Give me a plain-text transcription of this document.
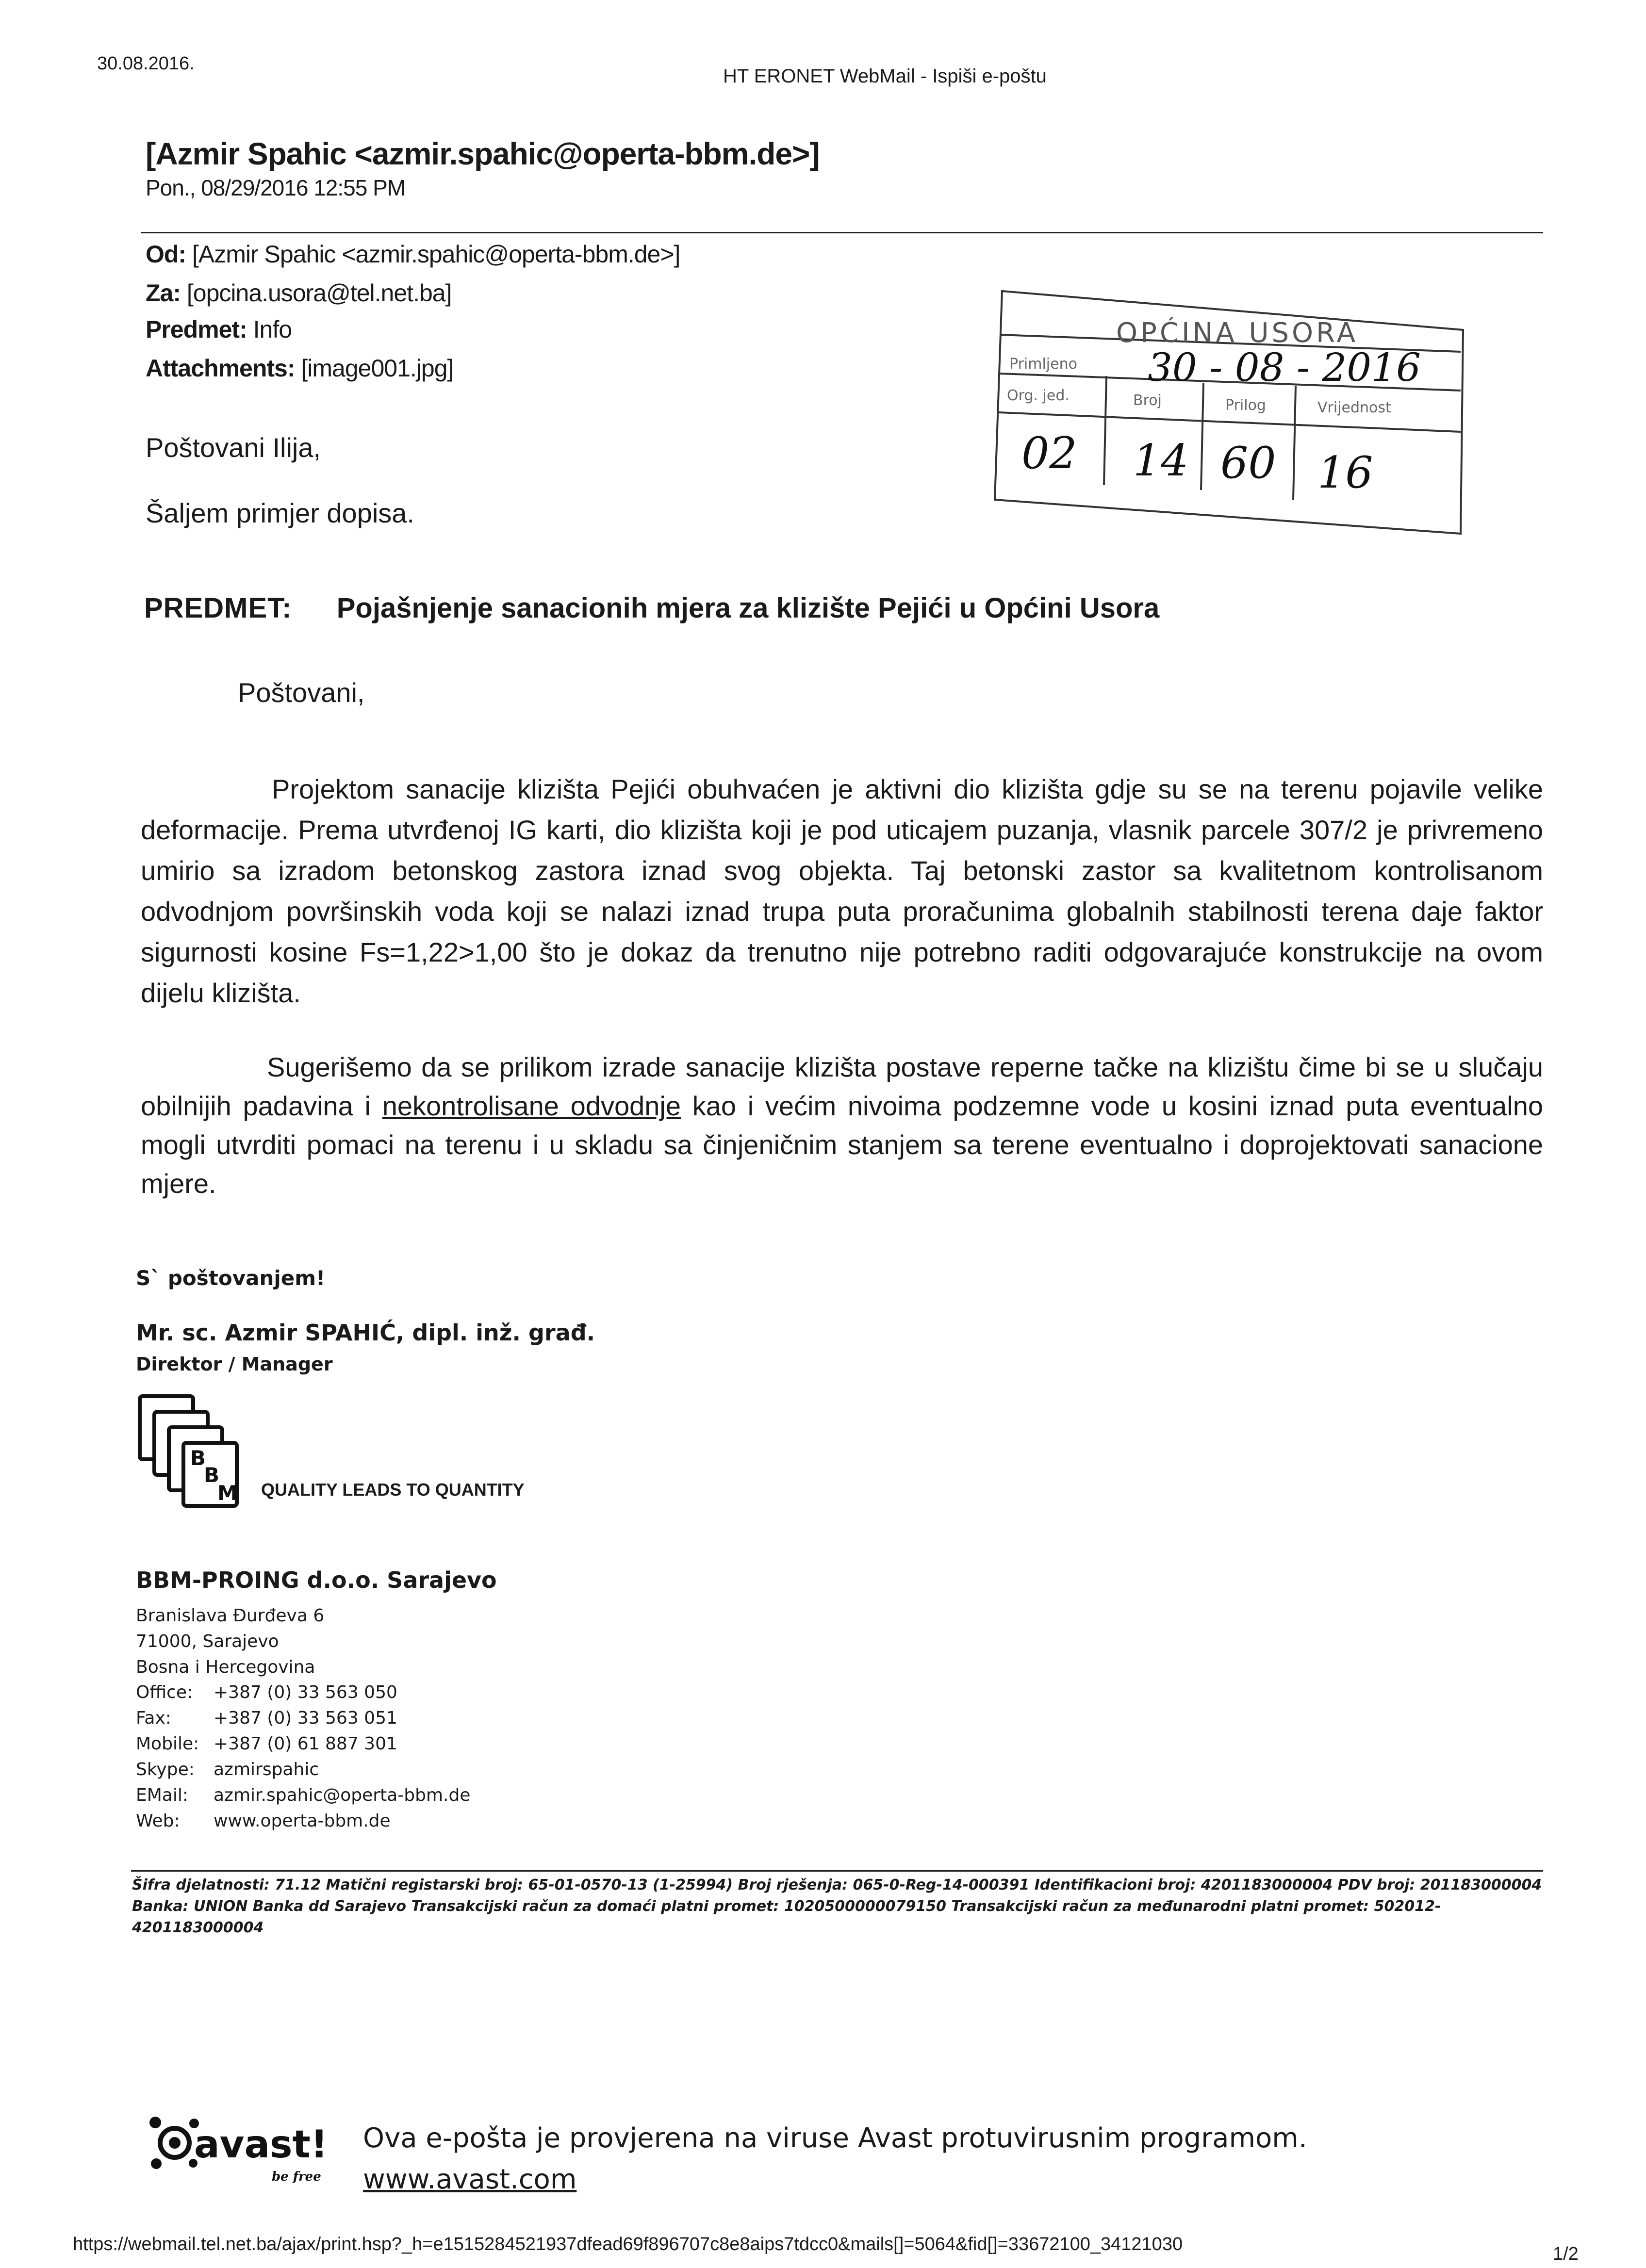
30.08.2016.
HT ERONET WebMail - Ispiši e-poštu
[Azmir Spahic <azmir.spahic@operta-bbm.de>]
Pon., 08/29/2016 12:55 PM
Od: [Azmir Spahic <azmir.spahic@operta-bbm.de>]
Za: [opcina.usora@tel.net.ba]
Predmet: Info
Attachments: [image001.jpg]
Poštovani Ilija,
Šaljem primjer dopisa.
OPĆINA USORA
Primljeno 30 - 08 - 2016
Org. jed.	Broj	Prilog	Vrijednost
02 14 60 16
PREDMET: Pojašnjenje sanacionih mjera za klizište Pejići u Općini Usora
Poštovani,
Projektom sanacije klizišta Pejići obuhvaćen je aktivni dio klizišta gdje su se na terenu pojavile velike deformacije. Prema utvrđenoj IG karti, dio klizišta koji je pod uticajem puzanja, vlasnik parcele 307/2 je privremeno umirio sa izradom betonskog zastora iznad svog objekta. Taj betonski zastor sa kvalitetnom kontrolisanom odvodnjom površinskih voda koji se nalazi iznad trupa puta proračunima globalnih stabilnosti terena daje faktor sigurnosti kosine Fs=1,22>1,00 što je dokaz da trenutno nije potrebno raditi odgovarajuće konstrukcije na ovom dijelu klizišta.
Sugerišemo da se prilikom izrade sanacije klizišta postave reperne tačke na klizištu čime bi se u slučaju obilnijih padavina i nekontrolisane odvodnje kao i većim nivoima podzemne vode u kosini iznad puta eventualno mogli utvrditi pomaci na terenu i u skladu sa činjeničnim stanjem sa terene eventualno i doprojektovati sanacione mjere.
S` poštovanjem!
Mr. sc. Azmir SPAHIĆ, dipl. inž. građ.
Direktor / Manager
B
B
M QUALITY LEADS TO QUANTITY
BBM-PROING d.o.o. Sarajevo
Branislava Đurđeva 6
71000, Sarajevo
Bosna i Hercegovina
Office: +387 (0) 33 563 050
Fax: +387 (0) 33 563 051
Mobile: +387 (0) 61 887 301
Skype: azmirspahic
EMail: azmir.spahic@operta-bbm.de
Web: www.operta-bbm.de
Šifra djelatnosti: 71.12 Matični registarski broj: 65-01-0570-13 (1-25994) Broj rješenja: 065-0-Reg-14-000391 Identifikacioni broj: 4201183000004 PDV broj: 201183000004
Banka: UNION Banka dd Sarajevo Transakcijski račun za domaći platni promet: 1020500000079150 Transakcijski račun za međunarodni platni promet: 502012-
4201183000004
avast!
be free
Ova e-pošta je provjerena na viruse Avast protuvirusnim programom.
www.avast.com
https://webmail.tel.net.ba/ajax/print.hsp?_h=e1515284521937dfead69f896707c8e8aips7tdcc0&mails[]=5064&fid[]=33672100_34121030	1/2
